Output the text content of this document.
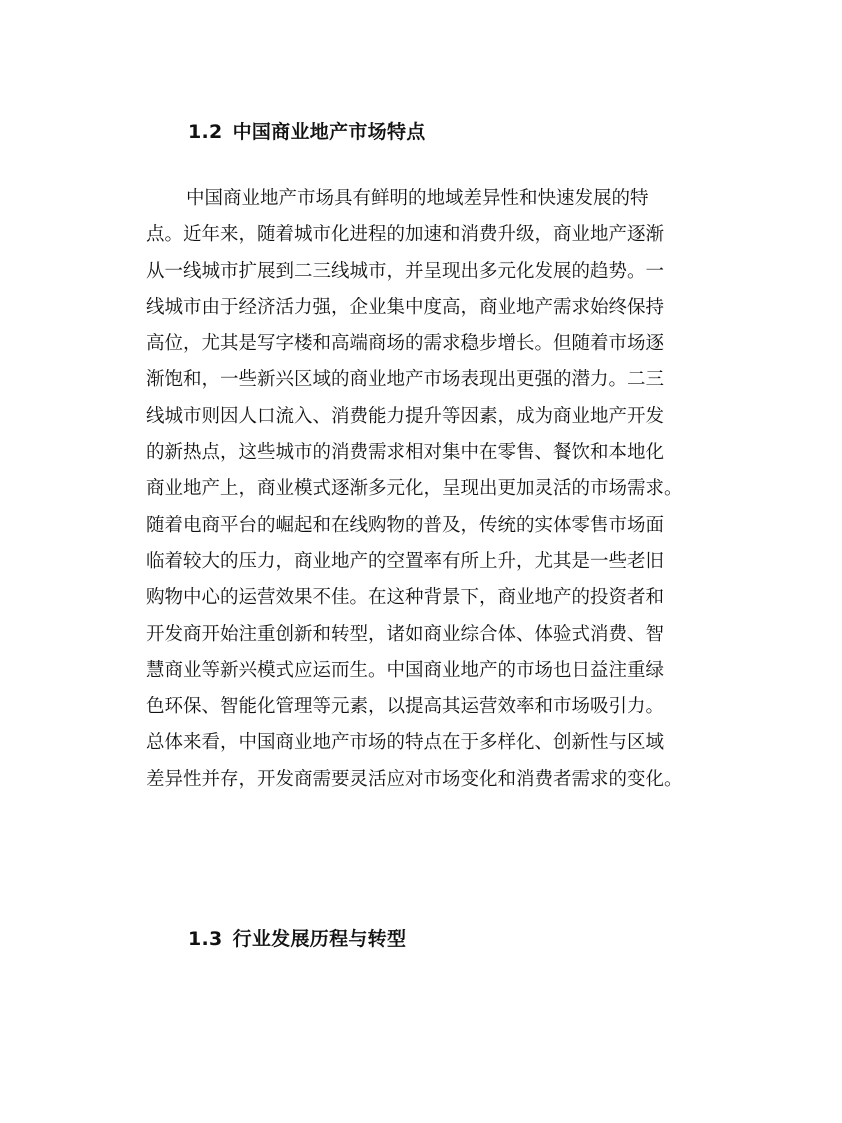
1.2 中国商业地产市场特点
中国商业地产市场具有鲜明的地域差异性和快速发展的特
点。近年来，随着城市化进程的加速和消费升级，商业地产逐渐
从一线城市扩展到二三线城市，并呈现出多元化发展的趋势。一
线城市由于经济活力强，企业集中度高，商业地产需求始终保持
高位，尤其是写字楼和高端商场的需求稳步增长。但随着市场逐
渐饱和，一些新兴区域的商业地产市场表现出更强的潜力。二三
线城市则因人口流入、消费能力提升等因素，成为商业地产开发
的新热点，这些城市的消费需求相对集中在零售、餐饮和本地化
商业地产上，商业模式逐渐多元化，呈现出更加灵活的市场需求。
随着电商平台的崛起和在线购物的普及，传统的实体零售市场面
临着较大的压力，商业地产的空置率有所上升，尤其是一些老旧
购物中心的运营效果不佳。在这种背景下，商业地产的投资者和
开发商开始注重创新和转型，诸如商业综合体、体验式消费、智
慧商业等新兴模式应运而生。中国商业地产的市场也日益注重绿
色环保、智能化管理等元素，以提高其运营效率和市场吸引力。
总体来看，中国商业地产市场的特点在于多样化、创新性与区域
差异性并存，开发商需要灵活应对市场变化和消费者需求的变化。
1.3 行业发展历程与转型
